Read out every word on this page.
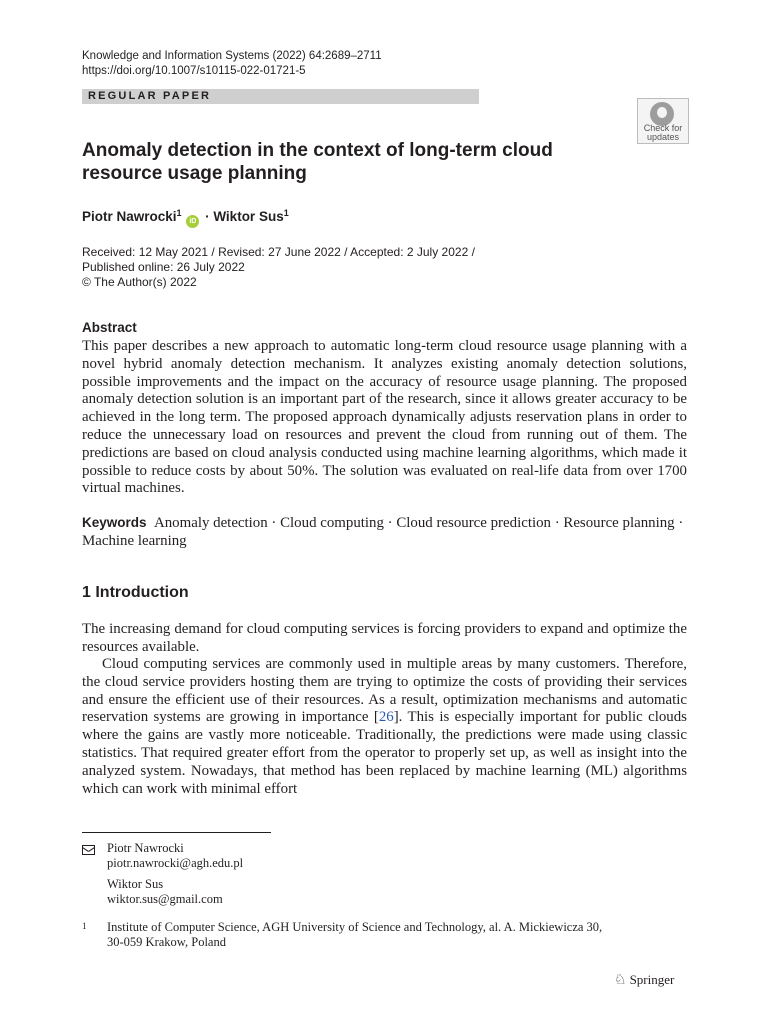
Knowledge and Information Systems (2022) 64:2689–2711
https://doi.org/10.1007/s10115-022-01721-5
REGULAR PAPER
Check for
updates
Anomaly detection in the context of long-term cloud
resource usage planning
Piotr Nawrocki$^1$ iD · Wiktor Sus$^1$
Received: 12 May 2021 / Revised: 27 June 2022 / Accepted: 2 July 2022 /
Published online: 26 July 2022
© The Author(s) 2022
Abstract
This paper describes a new approach to automatic long-term cloud resource usage planning with a novel hybrid anomaly detection mechanism. It analyzes existing anomaly detection solutions, possible improvements and the impact on the accuracy of resource usage planning. The proposed anomaly detection solution is an important part of the research, since it allows greater accuracy to be achieved in the long term. The proposed approach dynamically adjusts reservation plans in order to reduce the unnecessary load on resources and prevent the cloud from running out of them. The predictions are based on cloud analysis conducted using machine learning algorithms, which made it possible to reduce costs by about 50%. The solution was evaluated on real-life data from over 1700 virtual machines.
Keywords Anomaly detection · Cloud computing · Cloud resource prediction · Resource planning · Machine learning
1 Introduction
The increasing demand for cloud computing services is forcing providers to expand and optimize the resources available.
Cloud computing services are commonly used in multiple areas by many customers. Therefore, the cloud service providers hosting them are trying to optimize the costs of providing their services and ensure the efficient use of their resources. As a result, optimization mechanisms and automatic reservation systems are growing in importance [26]. This is especially important for public clouds where the gains are vastly more noticeable. Traditionally, the predictions were made using classic statistics. That required greater effort from the operator to properly set up, as well as insight into the analyzed system. Nowadays, that method has been replaced by machine learning (ML) algorithms which can work with minimal effort
Piotr Nawrocki
piotr.nawrocki@agh.edu.pl
Wiktor Sus
wiktor.sus@gmail.com
1 Institute of Computer Science, AGH University of Science and Technology, al. A. Mickiewicza 30,
30-059 Krakow, Poland
♘ Springer
